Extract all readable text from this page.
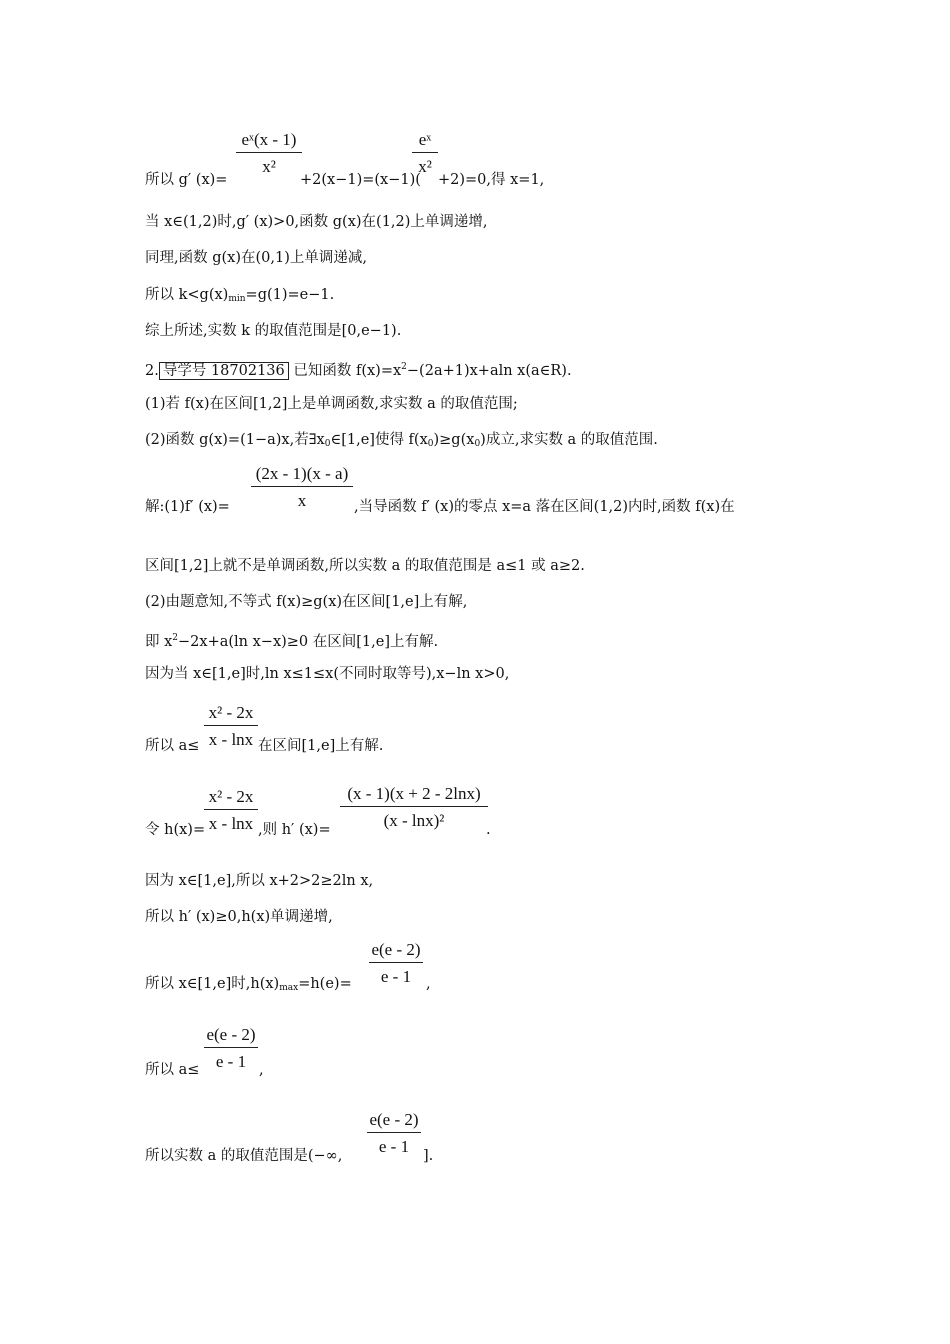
eˣ(x - 1)
x²
eˣ
x²
所以 g′ (x)=	+2(x−1)=(x−1)( +2)=0,得 x=1,
当 x∈(1,2)时,g′ (x)>0,函数 g(x)在(1,2)上单调递增,
同理,函数 g(x)在(0,1)上单调递减,
所以 $k<g(x)_{min}=g(1)=e-1$.
综上所述,实数 k 的取值范围是[0,e−1).
2. 导学号 18702136 已知函数 $f(x)=x^2-(2a+1)x+aln$ x(a∈R).
(1)若 f(x)在区间[1,2]上是单调函数,求实数 a 的取值范围;
(2)函数 g(x)=(1−a)x,若$\exists x_0\in[1,e]$使得 $f(x_0)\ge g(x_0)$成立,求实数 a 的取值范围.
(2x - 1)(x - a)
x
解:(1)f′ (x)=	,当导函数 f′ (x)的零点 x=a 落在区间(1,2)内时,函数 f(x)在
区间[1,2]上就不是单调函数,所以实数 a 的取值范围是 a≤1 或 a≥2.
(2)由题意知,不等式 f(x)≥g(x)在区间[1,e]上有解,
即 $x^2-2x+a(\ln$ x−x)≥0 在区间[1,e]上有解.
因为当 x∈[1,e]时,ln x≤1≤x(不同时取等号),x−ln x>0,
x² - 2x
x - lnx
所以 a≤	在区间[1,e]上有解.
x² - 2x
x - lnx
(x - 1)(x + 2 - 2lnx)
(x - lnx)²
令 h(x)=	,则 h′ (x)=	.
因为 x∈[1,e],所以 x+2>2≥2ln x,
所以 h′ (x)≥0,h(x)单调递增,
e(e - 2)
e - 1
所以 x∈[1,e]时$,h(x)_{max}=h(e)=$	,
e(e - 2)
e - 1
所以 a≤	,
e(e - 2)
e - 1
所以实数 a 的取值范围是(−∞,	].
